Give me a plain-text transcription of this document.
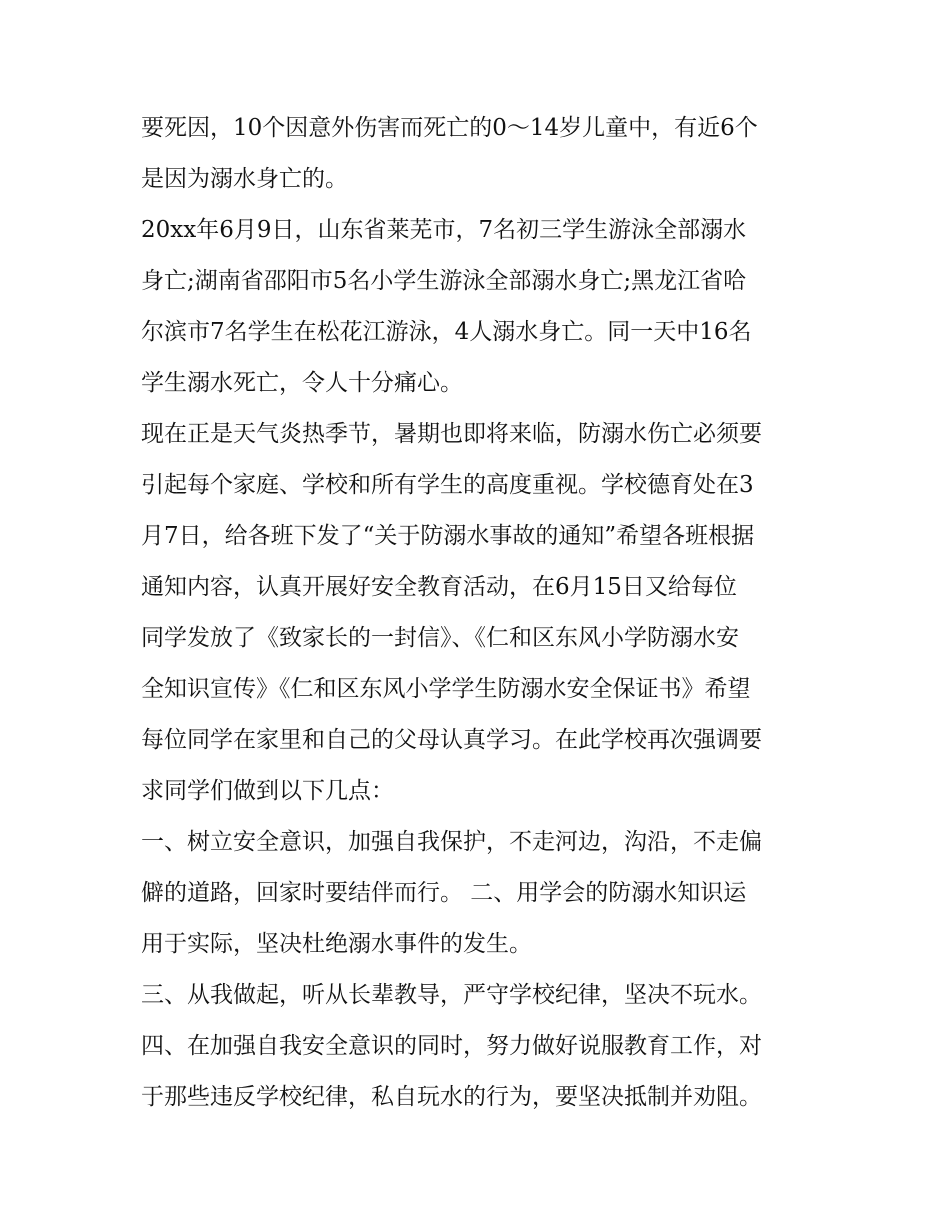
要死因，10个因意外伤害而死亡的0～14岁儿童中，有近6个

是因为溺水身亡的。

20xx年6月9日，山东省莱芜市，7名初三学生游泳全部溺水

身亡;湖南省邵阳市5名小学生游泳全部溺水身亡;黑龙江省哈

尔滨市7名学生在松花江游泳，4人溺水身亡。同一天中16名

学生溺水死亡，令人十分痛心。

现在正是天气炎热季节，暑期也即将来临，防溺水伤亡必须要

引起每个家庭、学校和所有学生的高度重视。学校德育处在3

月7日，给各班下发了“关于防溺水事故的通知”希望各班根据

通知内容，认真开展好安全教育活动，在6月15日又给每位

同学发放了《致家长的一封信》、《仁和区东风小学防溺水安

全知识宣传》《仁和区东风小学学生防溺水安全保证书》希望

每位同学在家里和自己的父母认真学习。在此学校再次强调要

求同学们做到以下几点：

一、树立安全意识，加强自我保护，不走河边，沟沿，不走偏

僻的道路，回家时要结伴而行。 二、用学会的防溺水知识运

用于实际，坚决杜绝溺水事件的发生。

三、从我做起，听从长辈教导，严守学校纪律，坚决不玩水。

四、在加强自我安全意识的同时，努力做好说服教育工作，对

于那些违反学校纪律，私自玩水的行为，要坚决抵制并劝阻。
